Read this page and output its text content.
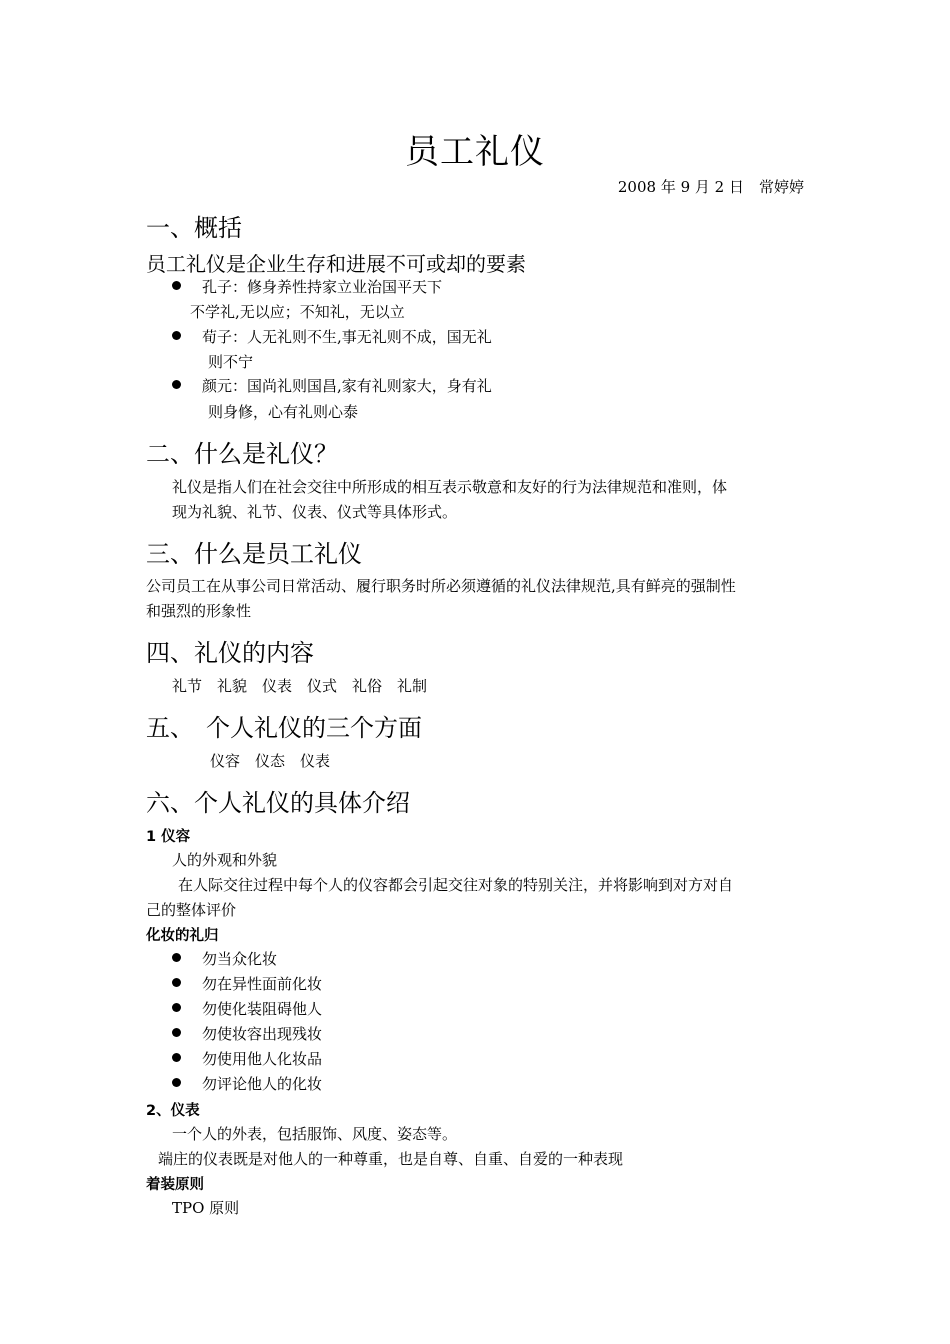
员工礼仪
2008 年 9 月 2 日　常婷婷
一、概括
员工礼仪是企业生存和进展不可或却的要素
孔子：修身养性持家立业治国平天下
不学礼,无以应；不知礼，无以立
荀子：人无礼则不生,事无礼则不成，国无礼
则不宁
颜元：国尚礼则国昌,家有礼则家大，身有礼
则身修，心有礼则心泰
二、什么是礼仪？
礼仪是指人们在社会交往中所形成的相互表示敬意和友好的行为法律规范和准则，体
现为礼貌、礼节、仪表、仪式等具体形式。
三、什么是员工礼仪
公司员工在从事公司日常活动、履行职务时所必须遵循的礼仪法律规范,具有鲜亮的强制性
和强烈的形象性
四、礼仪的内容
礼节　礼貌　仪表　仪式　礼俗　礼制
五、　个人礼仪的三个方面
仪容　仪态　仪表
六、个人礼仪的具体介绍
1 仪容
人的外观和外貌
在人际交往过程中每个人的仪容都会引起交往对象的特别关注，并将影响到对方对自
己的整体评价
化妆的礼归
勿当众化妆
勿在异性面前化妆
勿使化装阻碍他人
勿使妆容出现残妆
勿使用他人化妆品
勿评论他人的化妆
2、仪表
一个人的外表，包括服饰、风度、姿态等。
端庄的仪表既是对他人的一种尊重，也是自尊、自重、自爱的一种表现
着装原则
TPO 原则
